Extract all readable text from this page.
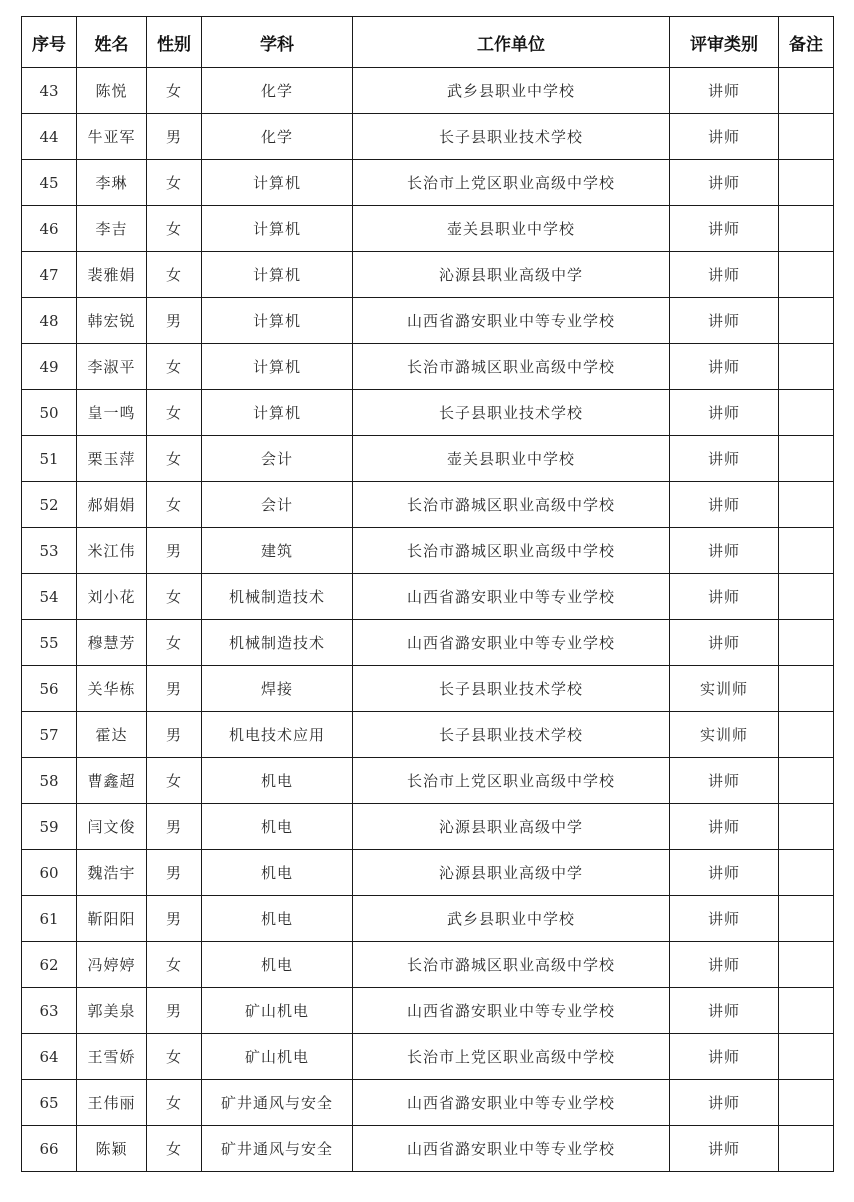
序号	姓名	性别	学科	工作单位	评审类别	备注
43	陈悦	女	化学	武乡县职业中学校	讲师	
44	牛亚军	男	化学	长子县职业技术学校	讲师	
45	李琳	女	计算机	长治市上党区职业高级中学校	讲师	
46	李吉	女	计算机	壶关县职业中学校	讲师	
47	裴雅娟	女	计算机	沁源县职业高级中学	讲师	
48	韩宏锐	男	计算机	山西省潞安职业中等专业学校	讲师	
49	李淑平	女	计算机	长治市潞城区职业高级中学校	讲师	
50	皇一鸣	女	计算机	长子县职业技术学校	讲师	
51	栗玉萍	女	会计	壶关县职业中学校	讲师	
52	郝娟娟	女	会计	长治市潞城区职业高级中学校	讲师	
53	米江伟	男	建筑	长治市潞城区职业高级中学校	讲师	
54	刘小花	女	机械制造技术	山西省潞安职业中等专业学校	讲师	
55	穆慧芳	女	机械制造技术	山西省潞安职业中等专业学校	讲师	
56	关华栋	男	焊接	长子县职业技术学校	实训师	
57	霍达	男	机电技术应用	长子县职业技术学校	实训师	
58	曹鑫超	女	机电	长治市上党区职业高级中学校	讲师	
59	闫文俊	男	机电	沁源县职业高级中学	讲师	
60	魏浩宇	男	机电	沁源县职业高级中学	讲师	
61	靳阳阳	男	机电	武乡县职业中学校	讲师	
62	冯婷婷	女	机电	长治市潞城区职业高级中学校	讲师	
63	郭美泉	男	矿山机电	山西省潞安职业中等专业学校	讲师	
64	王雪娇	女	矿山机电	长治市上党区职业高级中学校	讲师	
65	王伟丽	女	矿井通风与安全	山西省潞安职业中等专业学校	讲师	
66	陈颖	女	矿井通风与安全	山西省潞安职业中等专业学校	讲师	
